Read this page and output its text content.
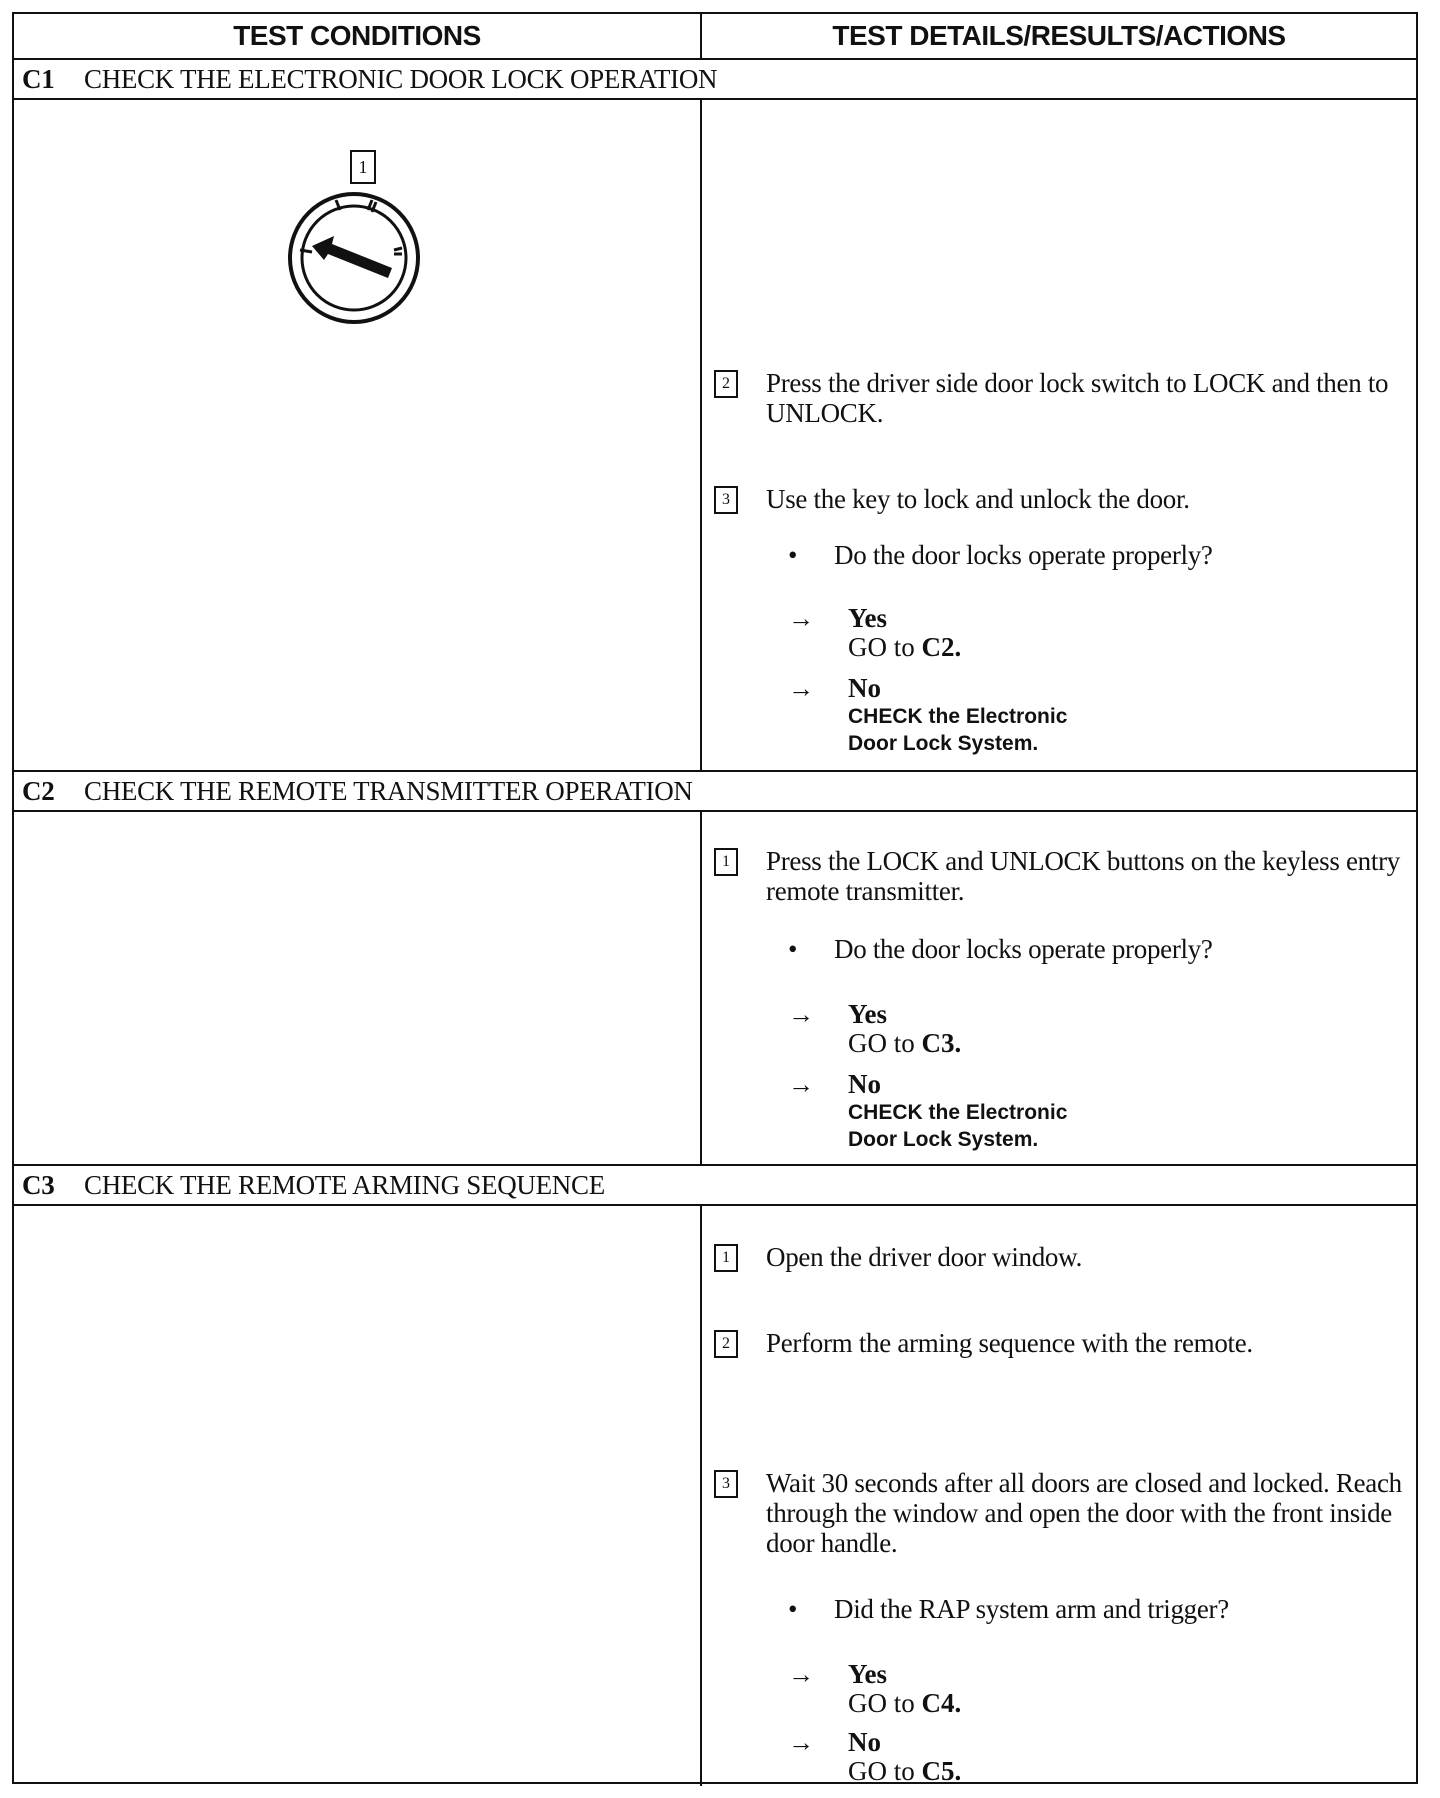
TEST CONDITIONS	TEST DETAILS/RESULTS/ACTIONS
C1	CHECK THE ELECTRONIC DOOR LOCK OPERATION
1
2 Press the driver side door lock switch to LOCK and then to UNLOCK.
3 Use the key to lock and unlock the door.
•	Do the door locks operate properly?
→	Yes
GO to C2.
→	No
CHECK the Electronic Door Lock System.
C2	CHECK THE REMOTE TRANSMITTER OPERATION
1 Press the LOCK and UNLOCK buttons on the keyless entry remote transmitter.
•	Do the door locks operate properly?
→	Yes
GO to C3.
→	No
CHECK the Electronic Door Lock System.
C3	CHECK THE REMOTE ARMING SEQUENCE
1 Open the driver door window.
2 Perform the arming sequence with the remote.
3 Wait 30 seconds after all doors are closed and locked. Reach through the window and open the door with the front inside door handle.
•	Did the RAP system arm and trigger?
→	Yes
GO to C4.
→	No
GO to C5.
